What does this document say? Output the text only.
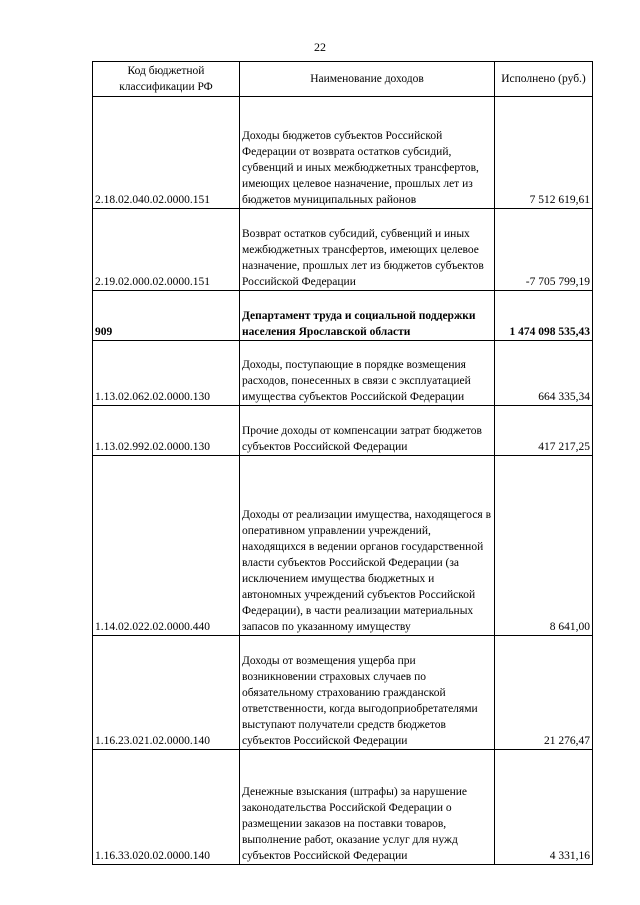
22
Код бюджетной классификации РФ	Наименование доходов	Исполнено (руб.)
2.18.02.040.02.0000.151	Доходы бюджетов субъектов Российской Федерации от возврата остатков субсидий, субвенций и иных межбюджетных трансфертов, имеющих целевое назначение, прошлых лет из бюджетов муниципальных районов	7 512 619,61
2.19.02.000.02.0000.151	Возврат остатков субсидий, субвенций и иных межбюджетных трансфертов, имеющих целевое назначение, прошлых лет из бюджетов субъектов Российской Федерации	-7 705 799,19
909	Департамент труда и социальной поддержки населения Ярославской области	1 474 098 535,43
1.13.02.062.02.0000.130	Доходы, поступающие в порядке возмещения расходов, понесенных в связи с эксплуатацией имущества субъектов Российской Федерации	664 335,34
1.13.02.992.02.0000.130	Прочие доходы от компенсации затрат бюджетов субъектов Российской Федерации	417 217,25
1.14.02.022.02.0000.440	Доходы от реализации имущества, находящегося в оперативном управлении учреждений, находящихся в ведении органов государственной власти субъектов Российской Федерации (за исключением имущества бюджетных и автономных учреждений субъектов Российской Федерации), в части реализации материальных запасов по указанному имуществу	8 641,00
1.16.23.021.02.0000.140	Доходы от возмещения ущерба при возникновении страховых случаев по обязательному страхованию гражданской ответственности, когда выгодоприобретателями выступают получатели средств бюджетов субъектов Российской Федерации	21 276,47
1.16.33.020.02.0000.140	Денежные взыскания (штрафы) за нарушение законодательства Российской Федерации о размещении заказов на поставки товаров, выполнение работ, оказание услуг для нужд субъектов Российской Федерации	4 331,16
